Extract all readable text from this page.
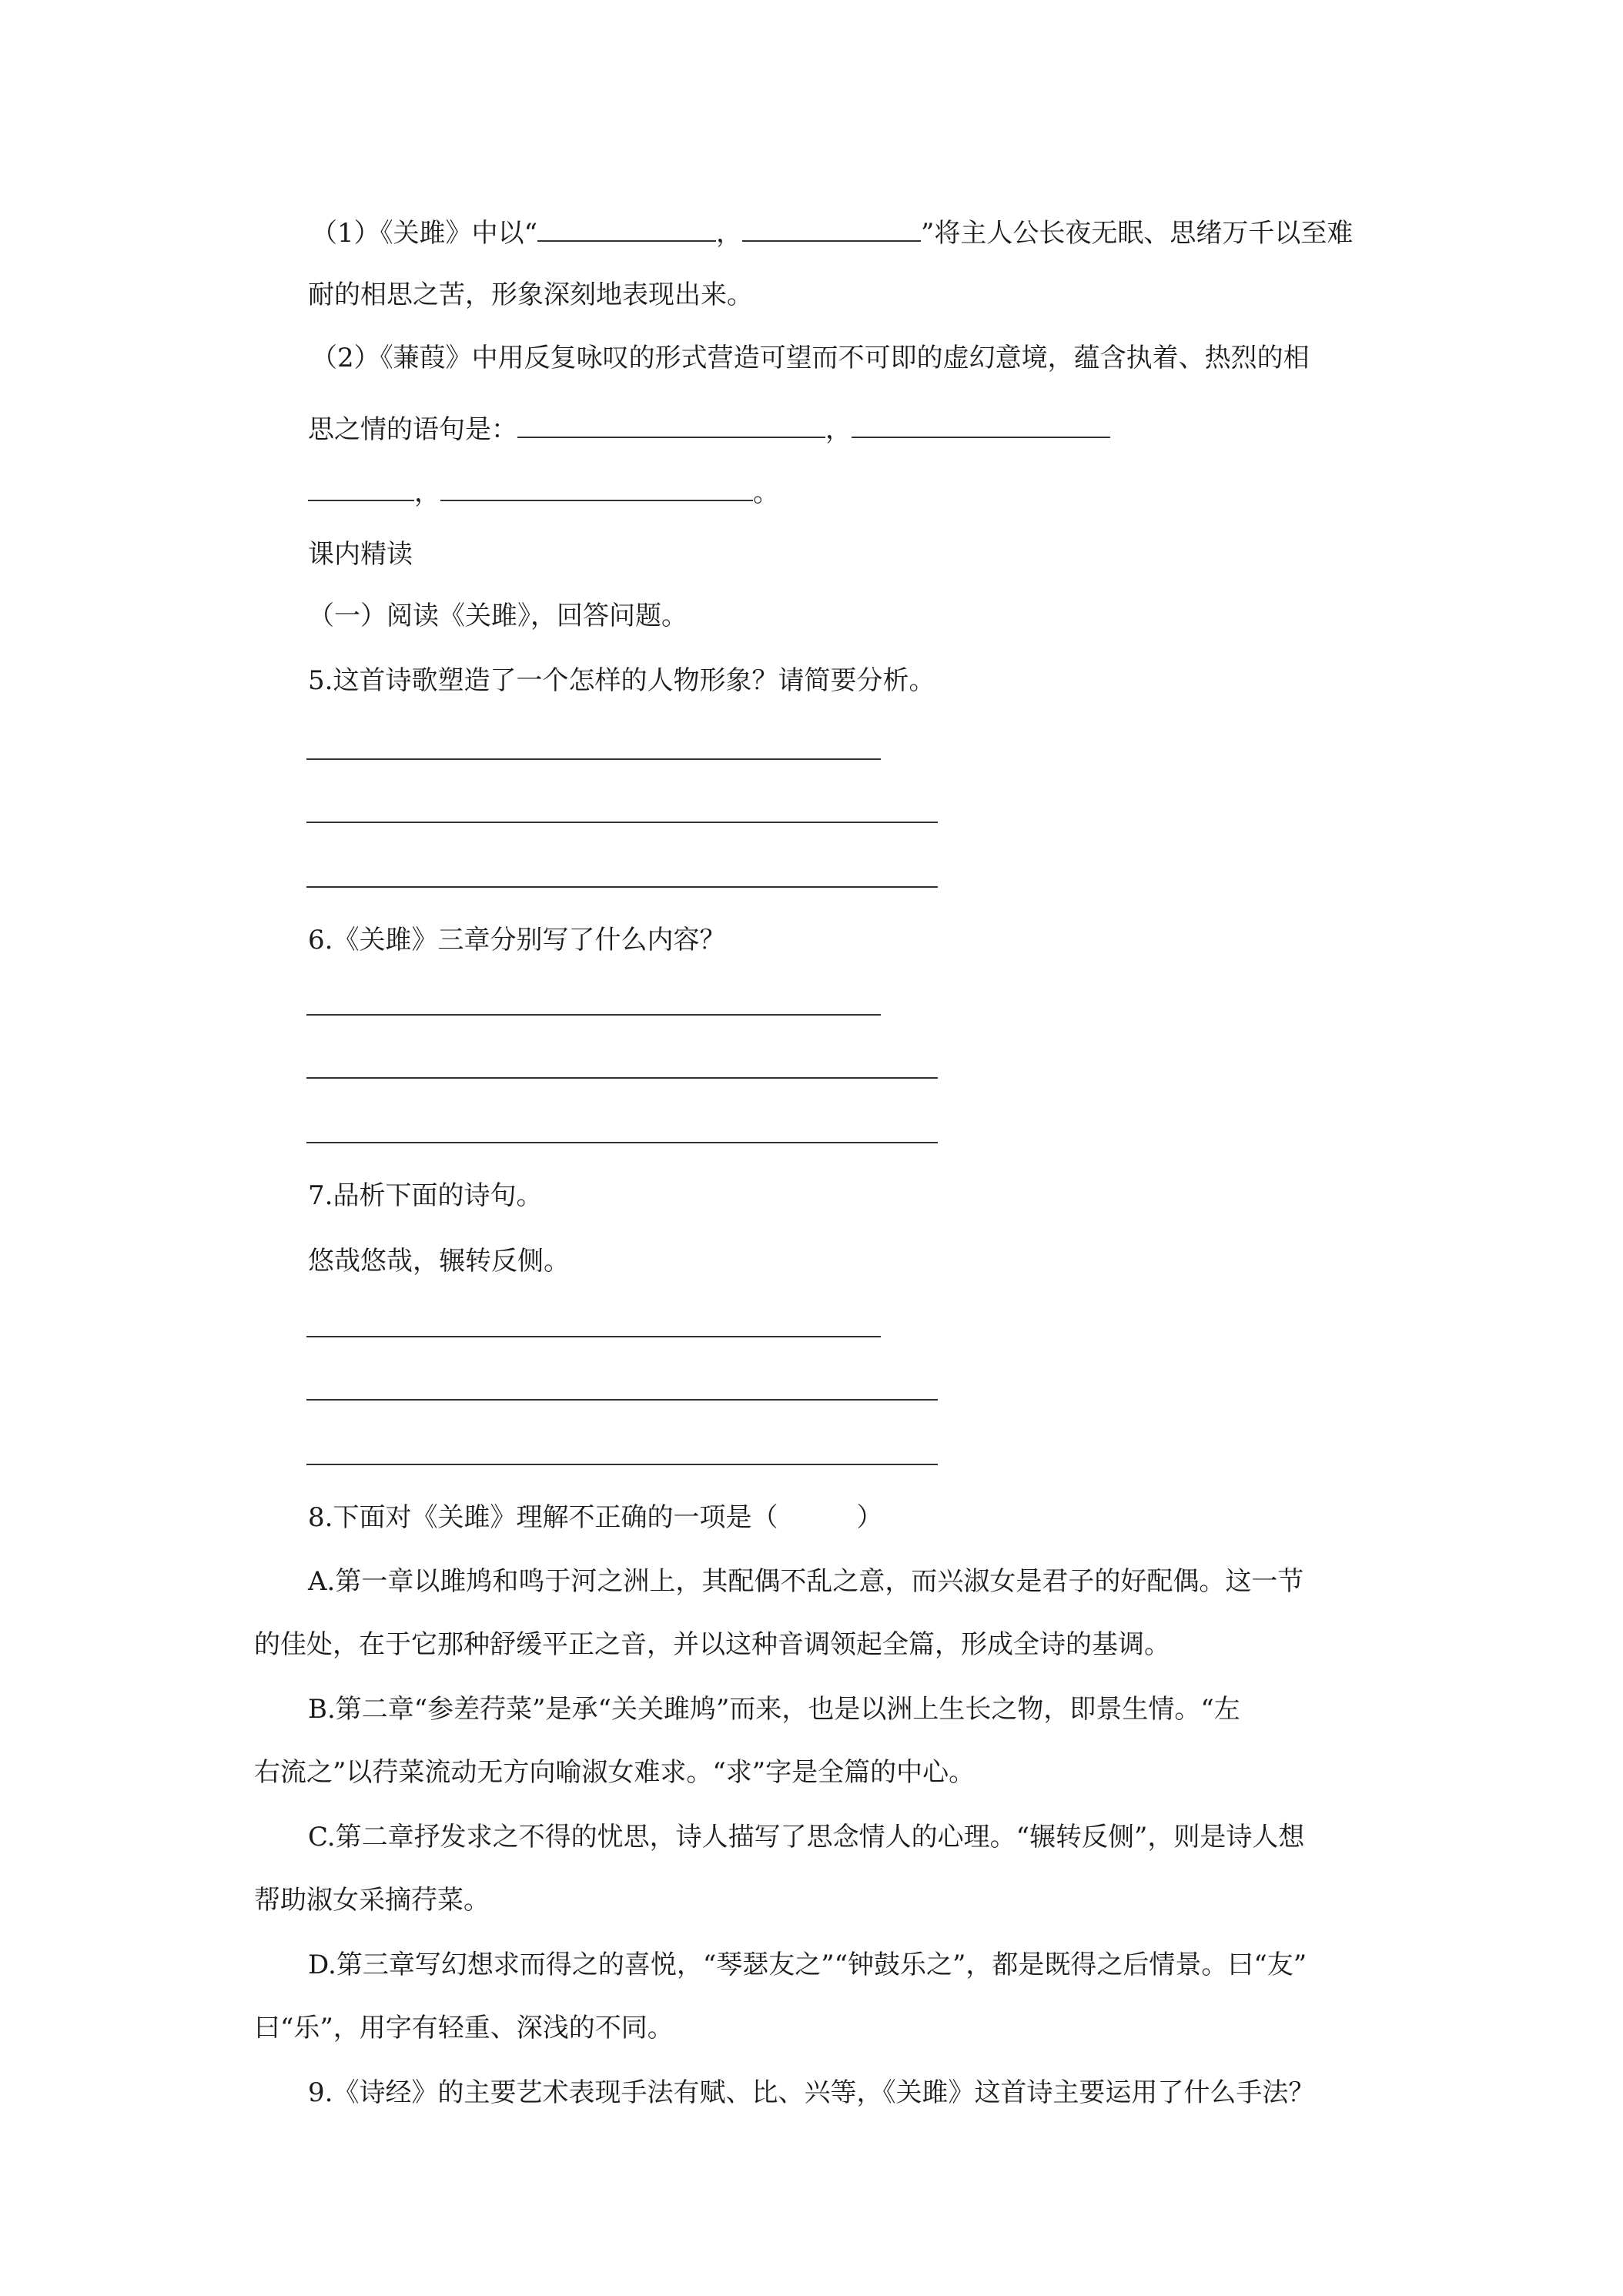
（1）《关雎》中以“	，	”将主人公长夜无眠、思绪万千以至难
耐的相思之苦，形象深刻地表现出来。
（2）《蒹葭》中用反复咏叹的形式营造可望而不可即的虚幻意境，蕴含执着、热烈的相
思之情的语句是：	，
，	。
课内精读
（一）阅读《关雎》，回答问题。
5.这首诗歌塑造了一个怎样的人物形象？请简要分析。
6.《关雎》三章分别写了什么内容？
7.品析下面的诗句。
悠哉悠哉，辗转反侧。
8.下面对《关雎》理解不正确的一项是（　　　）
A.第一章以雎鸠和鸣于河之洲上，其配偶不乱之意，而兴淑女是君子的好配偶。这一节
的佳处，在于它那种舒缓平正之音，并以这种音调领起全篇，形成全诗的基调。
B.第二章“参差荇菜”是承“关关雎鸠”而来，也是以洲上生长之物，即景生情。“左
右流之”以荇菜流动无方向喻淑女难求。“求”字是全篇的中心。
C.第二章抒发求之不得的忧思，诗人描写了思念情人的心理。“辗转反侧”，则是诗人想
帮助淑女采摘荇菜。
D.第三章写幻想求而得之的喜悦，“琴瑟友之”“钟鼓乐之”，都是既得之后情景。曰“友”
曰“乐”，用字有轻重、深浅的不同。
9.《诗经》的主要艺术表现手法有赋、比、兴等，《关雎》这首诗主要运用了什么手法？
